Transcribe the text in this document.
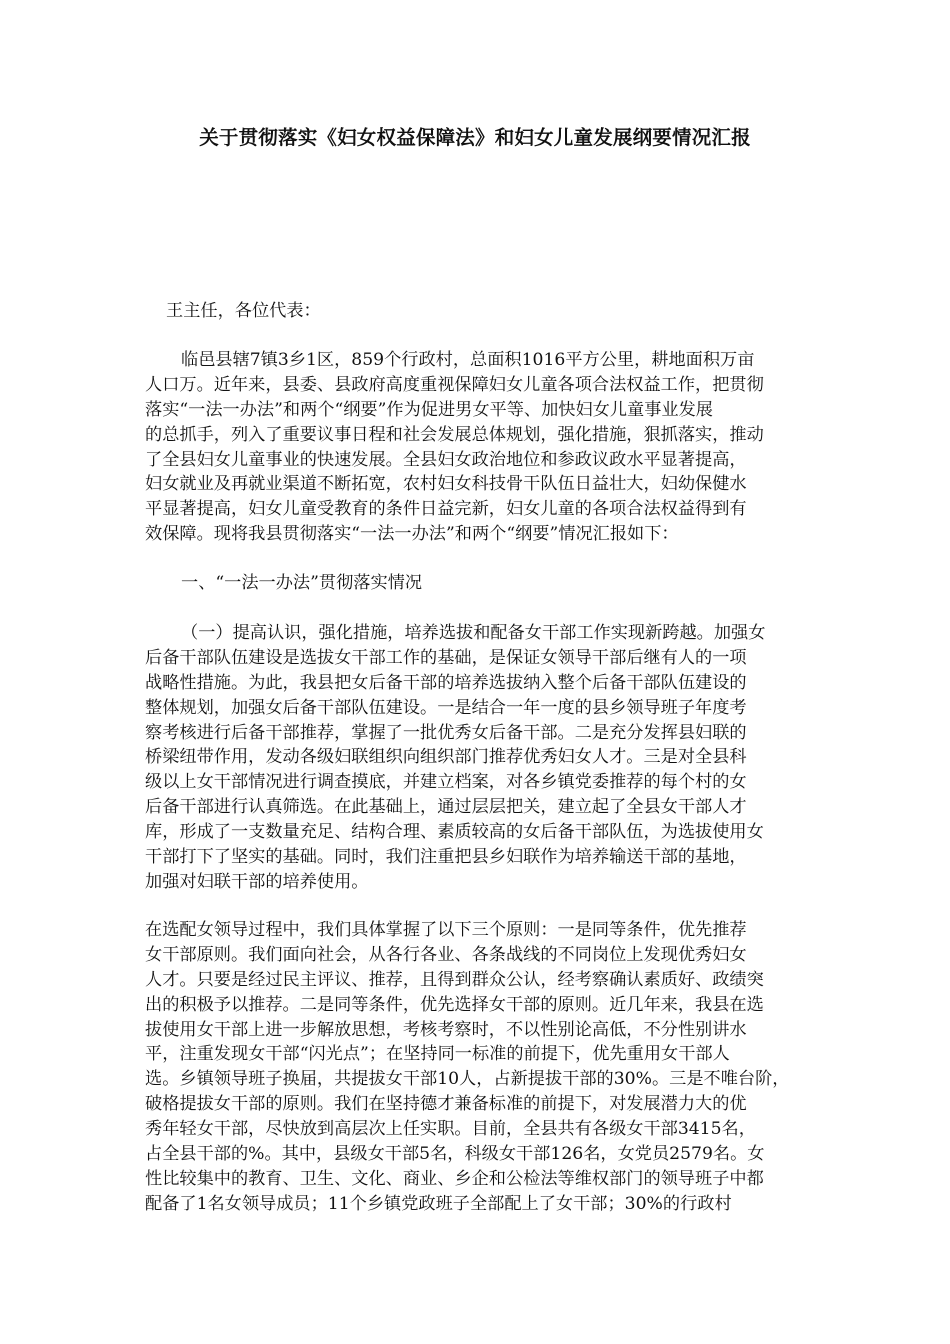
关于贯彻落实《妇女权益保障法》和妇女儿童发展纲要情况汇报
王主任，各位代表：
临邑县辖7镇3乡1区，859个行政村，总面积1016平方公里，耕地面积万亩
人口万。近年来，县委、县政府高度重视保障妇女儿童各项合法权益工作，把贯彻
落实“一法一办法”和两个“纲要”作为促进男女平等、加快妇女儿童事业发展
的总抓手，列入了重要议事日程和社会发展总体规划，强化措施，狠抓落实，推动
了全县妇女儿童事业的快速发展。全县妇女政治地位和参政议政水平显著提高，
妇女就业及再就业渠道不断拓宽，农村妇女科技骨干队伍日益壮大，妇幼保健水
平显著提高，妇女儿童受教育的条件日益完新，妇女儿童的各项合法权益得到有
效保障。现将我县贯彻落实“一法一办法”和两个“纲要”情况汇报如下：
一、“一法一办法”贯彻落实情况
（一）提高认识，强化措施，培养选拔和配备女干部工作实现新跨越。加强女
后备干部队伍建设是选拔女干部工作的基础，是保证女领导干部后继有人的一项
战略性措施。为此，我县把女后备干部的培养选拔纳入整个后备干部队伍建设的
整体规划，加强女后备干部队伍建设。一是结合一年一度的县乡领导班子年度考
察考核进行后备干部推荐，掌握了一批优秀女后备干部。二是充分发挥县妇联的
桥梁纽带作用，发动各级妇联组织向组织部门推荐优秀妇女人才。三是对全县科
级以上女干部情况进行调查摸底，并建立档案，对各乡镇党委推荐的每个村的女
后备干部进行认真筛选。在此基础上，通过层层把关，建立起了全县女干部人才
库，形成了一支数量充足、结构合理、素质较高的女后备干部队伍，为选拔使用女
干部打下了坚实的基础。同时，我们注重把县乡妇联作为培养输送干部的基地，
加强对妇联干部的培养使用。
在选配女领导过程中，我们具体掌握了以下三个原则：一是同等条件，优先推荐
女干部原则。我们面向社会，从各行各业、各条战线的不同岗位上发现优秀妇女
人才。只要是经过民主评议、推荐，且得到群众公认，经考察确认素质好、政绩突
出的积极予以推荐。二是同等条件，优先选择女干部的原则。近几年来，我县在选
拔使用女干部上进一步解放思想，考核考察时，不以性别论高低，不分性别讲水
平，注重发现女干部“闪光点”；在坚持同一标准的前提下，优先重用女干部人
选。乡镇领导班子换届，共提拔女干部10人，占新提拔干部的30%。三是不唯台阶，
破格提拔女干部的原则。我们在坚持德才兼备标准的前提下，对发展潜力大的优
秀年轻女干部，尽快放到高层次上任实职。目前，全县共有各级女干部3415名，
占全县干部的%。其中，县级女干部5名，科级女干部126名，女党员2579名。女
性比较集中的教育、卫生、文化、商业、乡企和公检法等维权部门的领导班子中都
配备了1名女领导成员；11个乡镇党政班子全部配上了女干部；30%的行政村
